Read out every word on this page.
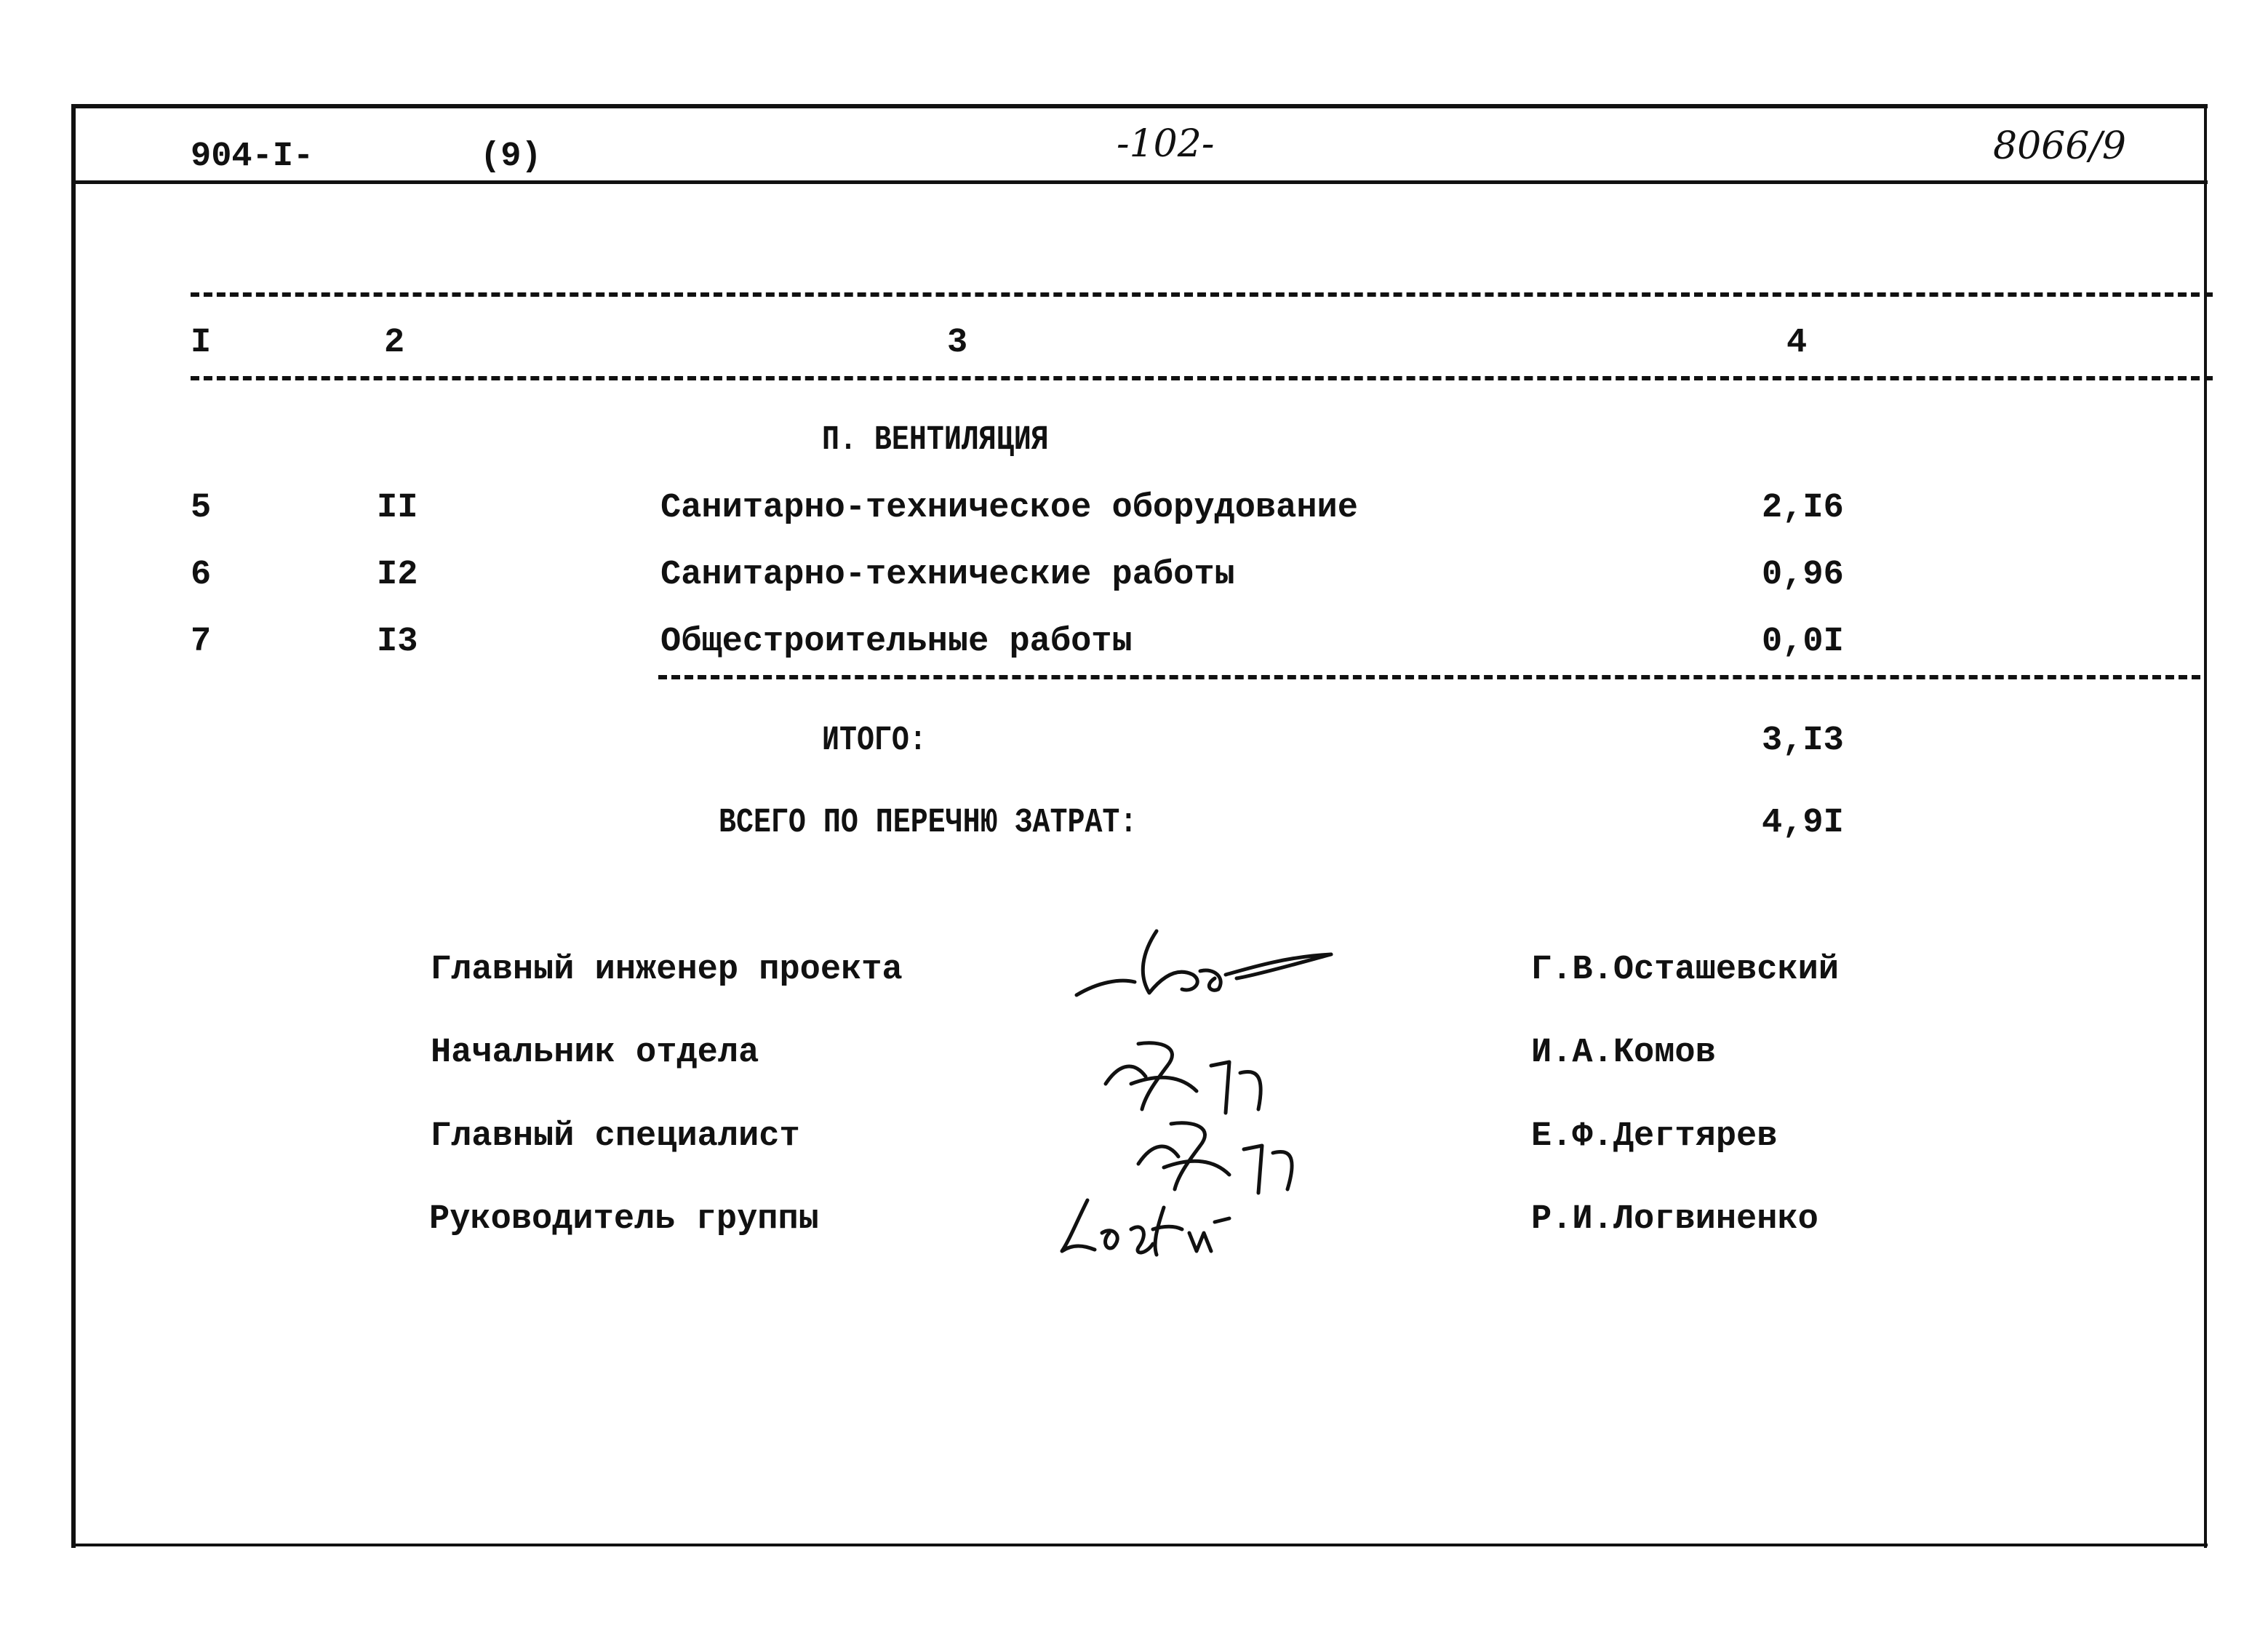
904-I-	(9)	-102-	8066/9
I	2	3	4
П. ВЕНТИЛЯЦИЯ
5	II	Санитарно-техническое оборудование	2,I6
6	I2	Санитарно-технические работы	0,96
7	I3	Общестроительные работы	0,0I
ИТОГО:	3,I3
ВСЕГО ПО ПЕРЕЧНЮ ЗАТРАТ:	4,9I
Главный инженер проекта	Г.В.Осташевский
Начальник отдела	И.А.Комов
Главный специалист	Е.Ф.Дегтярев
Руководитель группы	Р.И.Логвиненко
